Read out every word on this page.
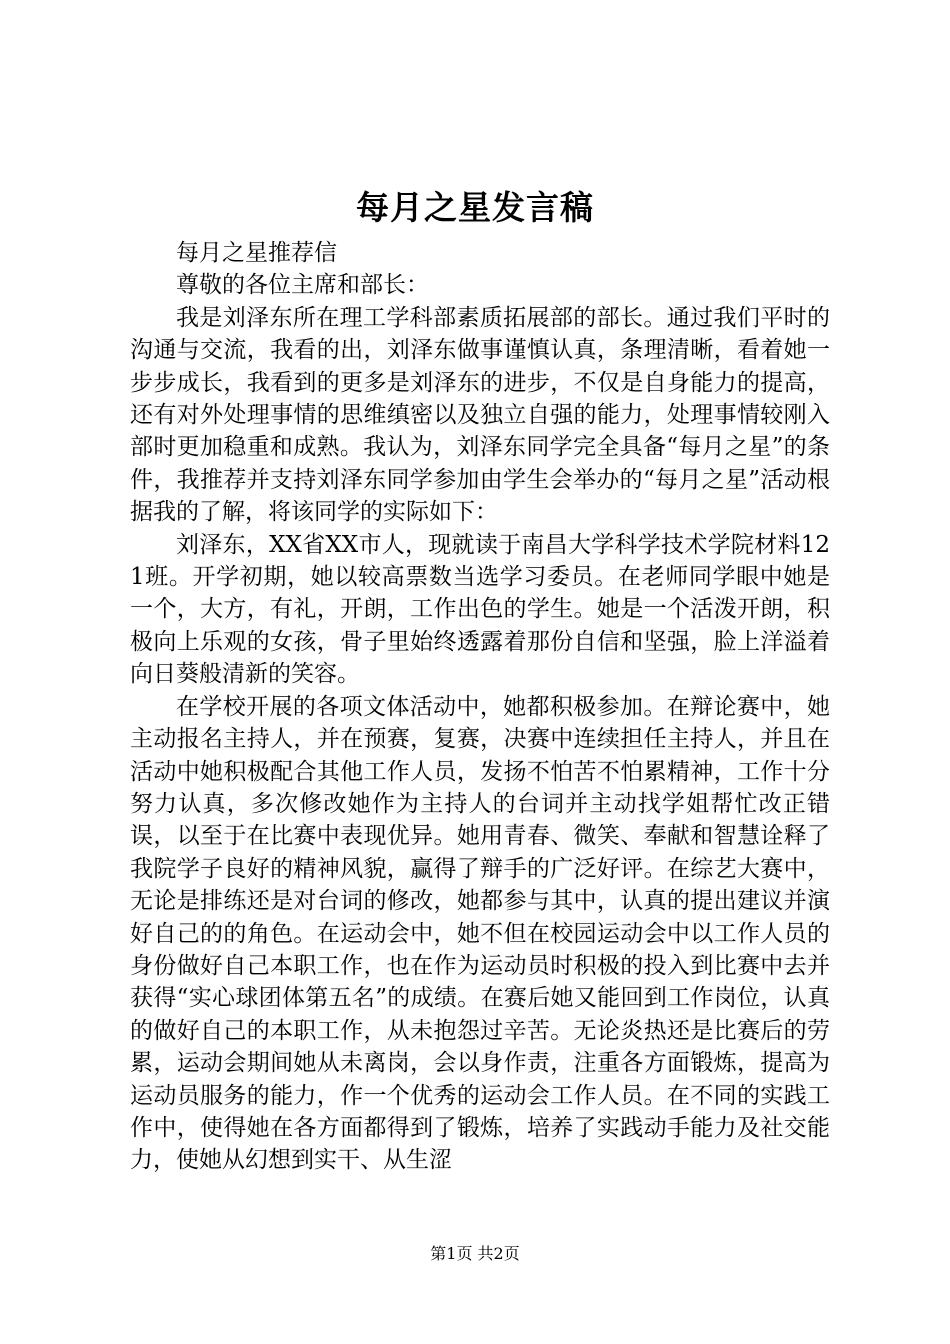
每月之星发言稿

每月之星推荐信

尊敬的各位主席和部长：

我是刘泽东所在理工学科部素质拓展部的部长。通过我们平时的沟通与交流，我看的出，刘泽东做事谨慎认真，条理清晰，看着她一步步成长，我看到的更多是刘泽东的进步，不仅是自身能力的提高，还有对外处理事情的思维缜密以及独立自强的能力，处理事情较刚入部时更加稳重和成熟。我认为，刘泽东同学完全具备“每月之星”的条件，我推荐并支持刘泽东同学参加由学生会举办的“每月之星”活动根据我的了解，将该同学的实际如下：

刘泽东，XX省XX市人，现就读于南昌大学科学技术学院材料121班。开学初期，她以较高票数当选学习委员。在老师同学眼中她是一个，大方，有礼，开朗，工作出色的学生。她是一个活泼开朗，积极向上乐观的女孩，骨子里始终透露着那份自信和坚强，脸上洋溢着向日葵般清新的笑容。

在学校开展的各项文体活动中，她都积极参加。在辩论赛中，她主动报名主持人，并在预赛，复赛，决赛中连续担任主持人，并且在活动中她积极配合其他工作人员，发扬不怕苦不怕累精神，工作十分努力认真，多次修改她作为主持人的台词并主动找学姐帮忙改正错误，以至于在比赛中表现优异。她用青春、微笑、奉献和智慧诠释了我院学子良好的精神风貌，赢得了辩手的广泛好评。在综艺大赛中，无论是排练还是对台词的修改，她都参与其中，认真的提出建议并演好自己的的角色。在运动会中，她不但在校园运动会中以工作人员的身份做好自己本职工作，也在作为运动员时积极的投入到比赛中去并获得“实心球团体第五名”的成绩。在赛后她又能回到工作岗位，认真的做好自己的本职工作，从未抱怨过辛苦。无论炎热还是比赛后的劳累，运动会期间她从未离岗，会以身作责，注重各方面锻炼，提高为运动员服务的能力，作一个优秀的运动会工作人员。在不同的实践工作中，使得她在各方面都得到了锻炼，培养了实践动手能力及社交能力，使她从幻想到实干、从生涩

第1页 共2页
